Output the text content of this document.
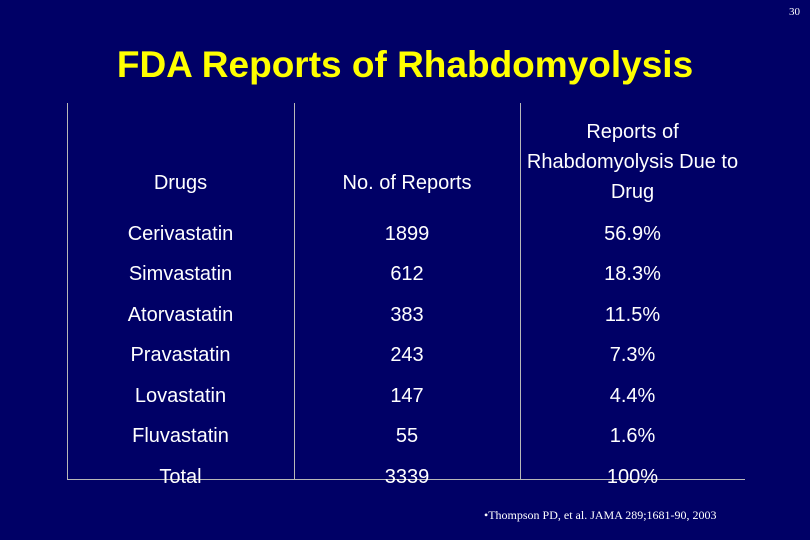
30
FDA Reports of Rhabdomyolysis
Drugs	No. of Reports	Reports of Rhabdomyolysis Due to Drug
Cerivastatin	1899	56.9%
Simvastatin	612	18.3%
Atorvastatin	383	11.5%
Pravastatin	243	7.3%
Lovastatin	147	4.4%
Fluvastatin	55	1.6%
Total	3339	100%
•Thompson PD, et al. JAMA 289;1681-90, 2003
